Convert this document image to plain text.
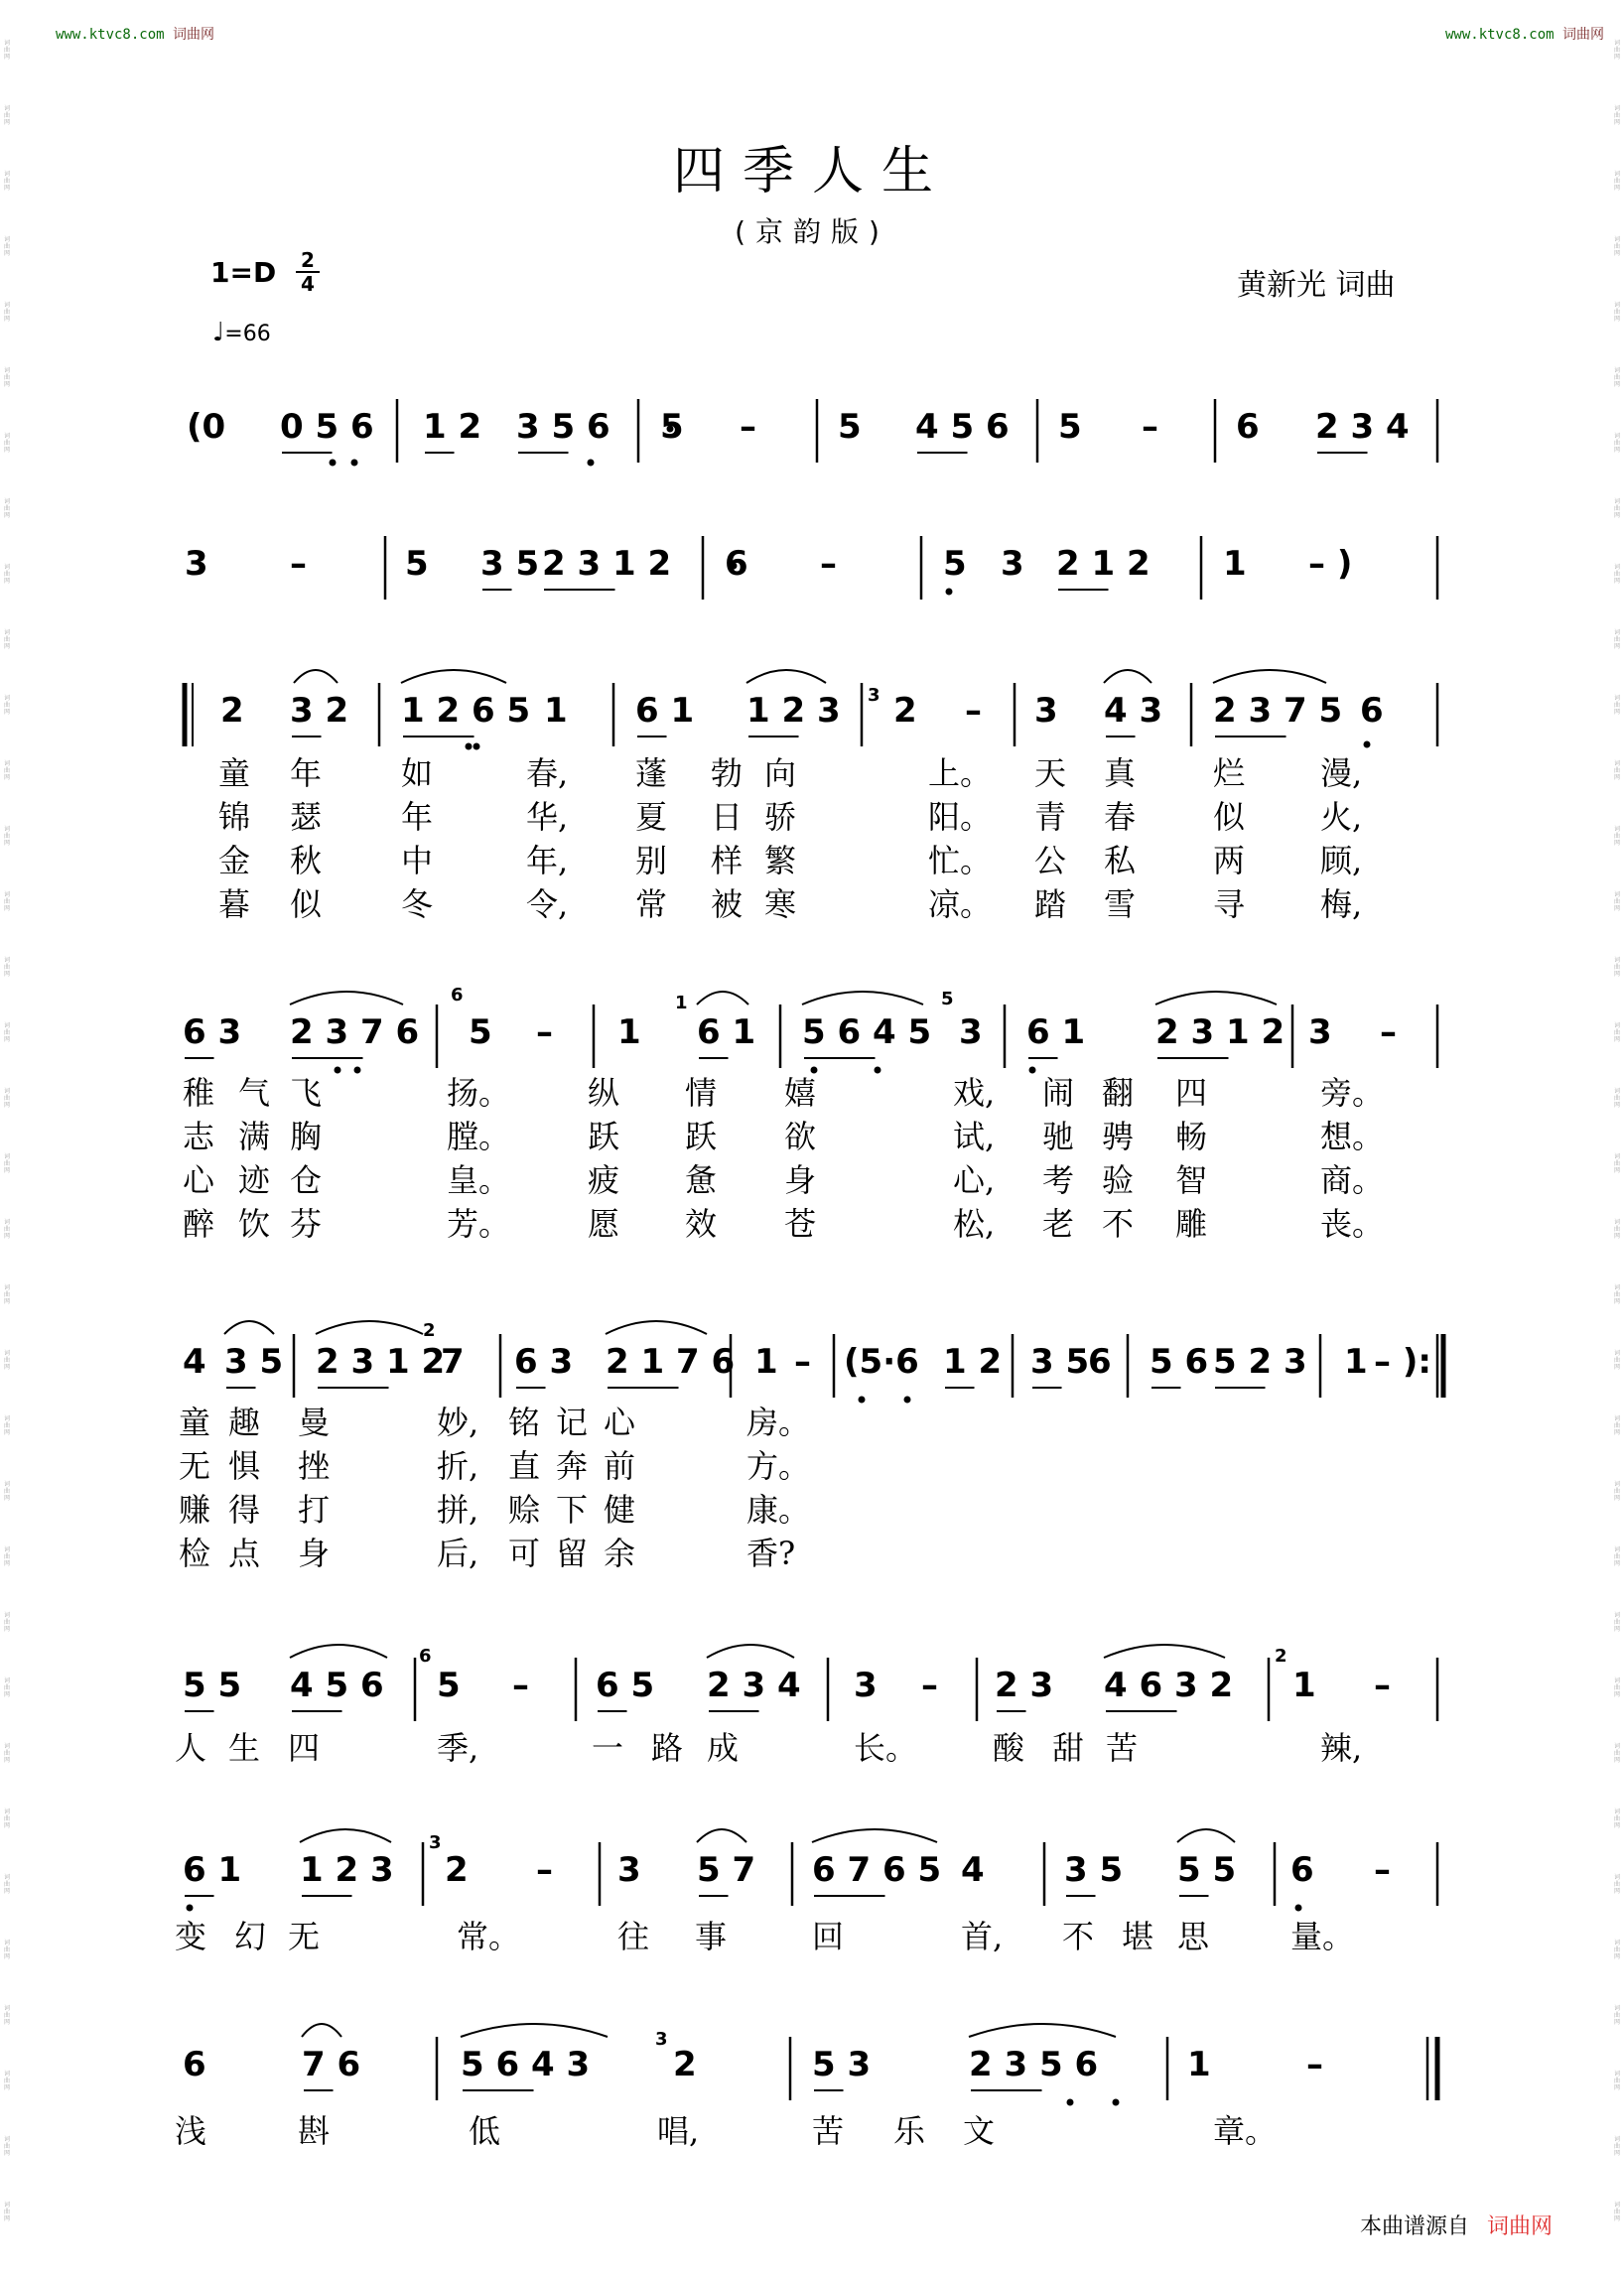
词
曲
网
词
曲
网
词
曲
网
词
曲
网
词
曲
网
词
曲
网
词
曲
网
词
曲
网
词
曲
网
词
曲
网
词
曲
网
词
曲
网
词
曲
网
词
曲
网
词
曲
网
词
曲
网
词
曲
网
词
曲
网
词
曲
网
词
曲
网
词
曲
网
词
曲
网
词
曲
网
词
曲
网
词
曲
网
词
曲
网
词
曲
网
词
曲
网
词
曲
网
词
曲
网
词
曲
网
词
曲
网
词
曲
网
词
曲
网
词
曲
网
词
曲
网
词
曲
网
词
曲
网
词
曲
网
词
曲
网
词
曲
网
词
曲
网
词
曲
网
词
曲
网
词
曲
网
词
曲
网
词
曲
网
词
曲
网
词
曲
网
词
曲
网
词
曲
网
词
曲
网
词
曲
网
词
曲
网
词
曲
网
词
曲
网
词
曲
网
词
曲
网
词
曲
网
词
曲
网
词
曲
网
词
曲
网
词
曲
网
词
曲
网
词
曲
网
词
曲
网
词
曲
网
词
曲
网
www.ktvc8.com 词曲网	www.ktvc8.com 词曲网
四季人生
(京韵版)
1=D 2
4	黄新光 词曲
♩=66
(0 0 5 6 1 2 3 5 6 5 – 5 4 5 6 5 – 6 2 3 4
3 –	5 3 5 2 3 1 2 6 –	5 3 2 1 2 1 – )
2 3 2 1 2 6 5 1 6 1 1 2 3 2 – 3 4 3 2 3 7 5 6
3
6 3 2 3 7 6 5 – 1 6 1 5 6 4 5 3 6 1 2 3 1 2 3 –
6	1	5
4 3 5 2 3 1 2
7 6 3 2 1 7 6 1 – (5·6 1 2 3 5
6 5 6 5 2 3 1 – ):
2
5 5 4 5 6 5 – 6 5 2 3 4 3 – 2 3 4 6 3 2 1 –
6	2
6 1 1 2 3 2 – 3 5 7 6 7 6 5 4 3 5 5 5 6 –
3
6	7 6	5 6 4 3 2	5 3	2 3 5 6	1	–
3
童 年 如	春, 蓬 勃 向	上。 天 真 烂 漫,
锦 瑟 年	华, 夏 日 骄	阳。 青 春 似 火,
金 秋 中	年, 别 样 繁	忙。 公 私 两 顾,
暮 似 冬	令, 常 被 寒	凉。 踏 雪 寻 梅,
稚 气 飞	扬。 纵 情 嬉	戏, 闹 翻 四	旁。
志 满 胸	膛。 跃 跃 欲	试, 驰 骋 畅	想。
心 迹 仓	皇。 疲 惫 身	心, 考 验 智	商。
醉 饮 芬	芳。 愿 效 苍	松, 老 不 雕	丧。
童 趣 曼	妙, 铭 记 心	房。
无 惧 挫	折, 直 奔 前	方。
赚 得 打	拼, 赊 下 健	康。
检 点 身	后, 可 留 余	香?
人 生 四	季,	一 路 成	长。 酸 甜 苦	辣,
变 幻 无	常。	往 事	回	首, 不 堪 思	量。
浅	斟	低	唱,	苦 乐 文	章。
本曲谱源自 词曲网
